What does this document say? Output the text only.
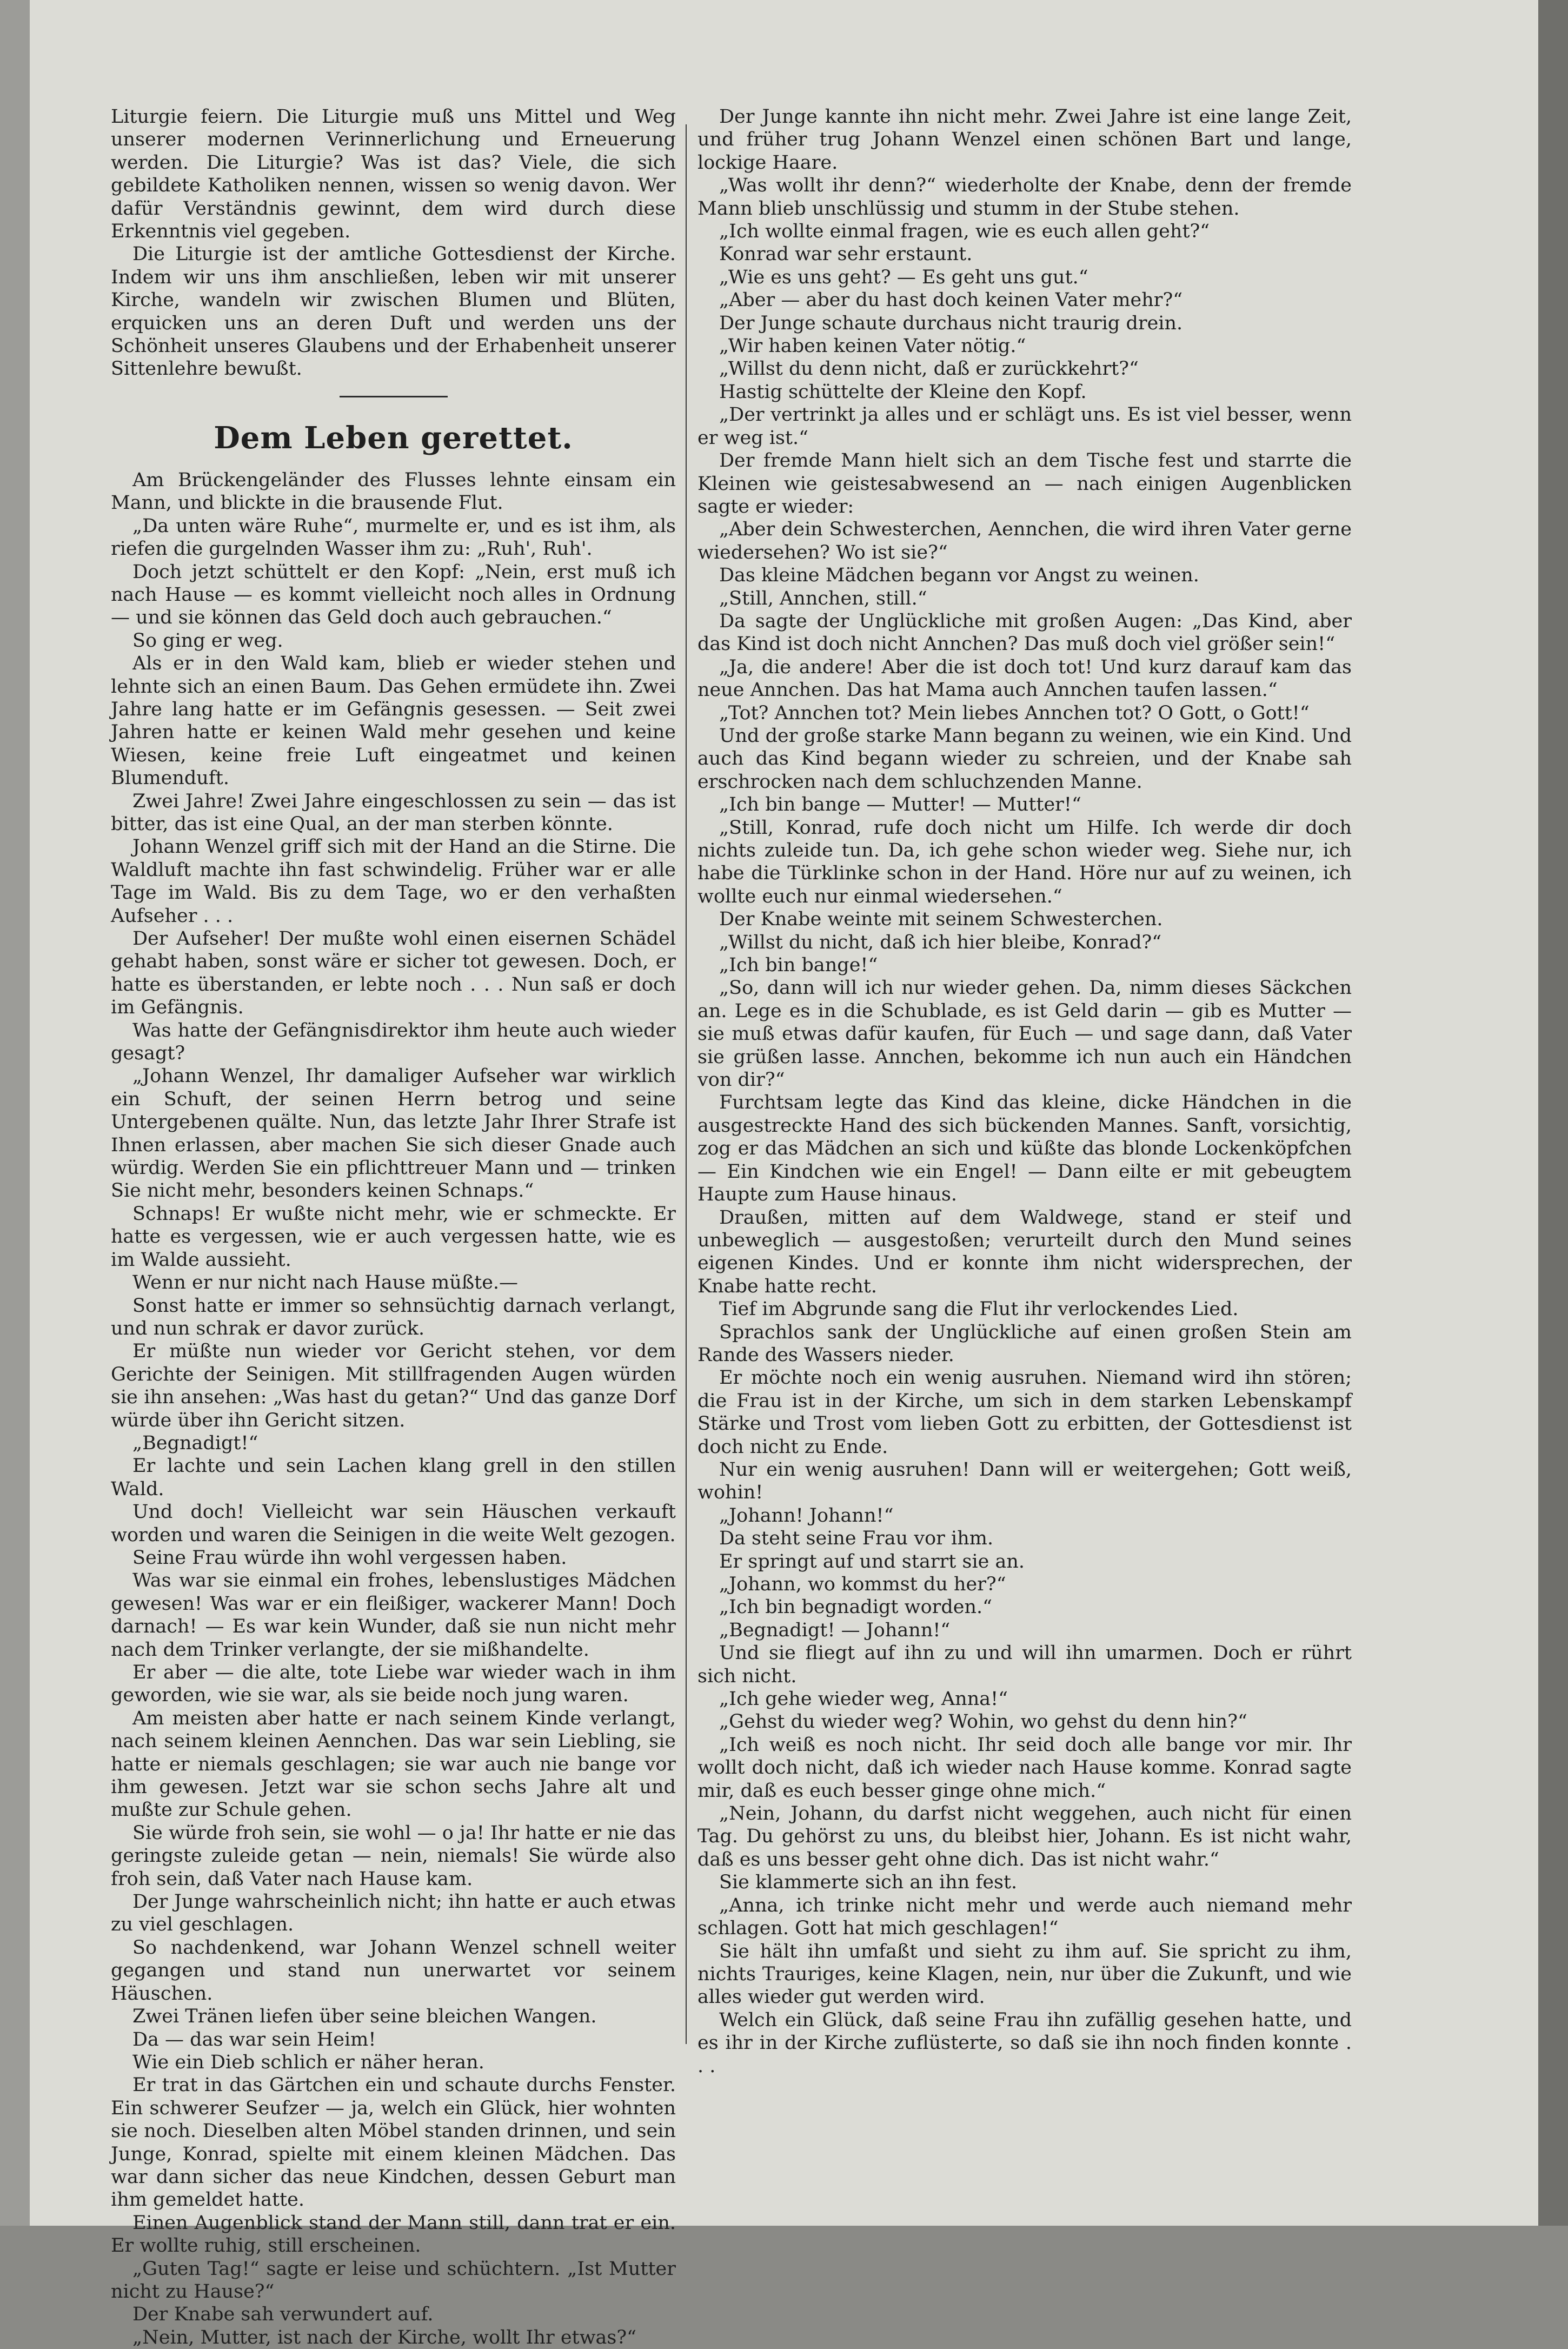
Liturgie feiern. Die Liturgie muß uns Mittel und Weg unserer modernen Verinnerlichung und Erneuerung werden. Die Liturgie? Was ist das? Viele, die sich gebildete Katholiken nennen, wissen so wenig davon. Wer dafür Verständnis gewinnt, dem wird durch diese Erkenntnis viel gegeben.

Die Liturgie ist der amtliche Gottesdienst der Kirche. Indem wir uns ihm anschließen, leben wir mit unserer Kirche, wandeln wir zwischen Blumen und Blüten, erquicken uns an deren Duft und werden uns der Schönheit unseres Glaubens und der Erhabenheit unserer Sittenlehre bewußt.

Dem Leben gerettet.

Am Brückengeländer des Flusses lehnte einsam ein Mann, und blickte in die brausende Flut.

„Da unten wäre Ruhe“, murmelte er, und es ist ihm, als riefen die gurgelnden Wasser ihm zu: „Ruh', Ruh'.

Doch jetzt schüttelt er den Kopf: „Nein, erst muß ich nach Hause — es kommt vielleicht noch alles in Ordnung — und sie können das Geld doch auch gebrauchen.“

So ging er weg.

Als er in den Wald kam, blieb er wieder stehen und lehnte sich an einen Baum. Das Gehen ermüdete ihn. Zwei Jahre lang hatte er im Gefängnis gesessen. — Seit zwei Jahren hatte er keinen Wald mehr gesehen und keine Wiesen, keine freie Luft eingeatmet und keinen Blumenduft.

Zwei Jahre! Zwei Jahre eingeschlossen zu sein — das ist bitter, das ist eine Qual, an der man sterben könnte.

Johann Wenzel griff sich mit der Hand an die Stirne. Die Waldluft machte ihn fast schwindelig. Früher war er alle Tage im Wald. Bis zu dem Tage, wo er den verhaßten Aufseher . . .

Der Aufseher! Der mußte wohl einen eisernen Schädel gehabt haben, sonst wäre er sicher tot gewesen. Doch, er hatte es überstanden, er lebte noch . . . Nun saß er doch im Gefängnis.

Was hatte der Gefängnisdirektor ihm heute auch wieder gesagt?

„Johann Wenzel, Ihr damaliger Aufseher war wirklich ein Schuft, der seinen Herrn betrog und seine Untergebenen quälte. Nun, das letzte Jahr Ihrer Strafe ist Ihnen erlassen, aber machen Sie sich dieser Gnade auch würdig. Werden Sie ein pflichttreuer Mann und — trinken Sie nicht mehr, besonders keinen Schnaps.“

Schnaps! Er wußte nicht mehr, wie er schmeckte. Er hatte es vergessen, wie er auch vergessen hatte, wie es im Walde aussieht.

Wenn er nur nicht nach Hause müßte.—

Sonst hatte er immer so sehnsüchtig darnach verlangt, und nun schrak er davor zurück.

Er müßte nun wieder vor Gericht stehen, vor dem Gerichte der Seinigen. Mit stillfragenden Augen würden sie ihn ansehen: „Was hast du getan?“ Und das ganze Dorf würde über ihn Gericht sitzen.

„Begnadigt!“

Er lachte und sein Lachen klang grell in den stillen Wald.

Und doch! Vielleicht war sein Häuschen verkauft worden und waren die Seinigen in die weite Welt gezogen.

Seine Frau würde ihn wohl vergessen haben.

Was war sie einmal ein frohes, lebenslustiges Mädchen gewesen! Was war er ein fleißiger, wackerer Mann! Doch darnach! — Es war kein Wunder, daß sie nun nicht mehr nach dem Trinker verlangte, der sie mißhandelte.

Er aber — die alte, tote Liebe war wieder wach in ihm geworden, wie sie war, als sie beide noch jung waren.

Am meisten aber hatte er nach seinem Kinde verlangt, nach seinem kleinen Aennchen. Das war sein Liebling, sie hatte er niemals geschlagen; sie war auch nie bange vor ihm gewesen. Jetzt war sie schon sechs Jahre alt und mußte zur Schule gehen.

Sie würde froh sein, sie wohl — o ja! Ihr hatte er nie das geringste zuleide getan — nein, niemals! Sie würde also froh sein, daß Vater nach Hause kam.

Der Junge wahrscheinlich nicht; ihn hatte er auch etwas zu viel geschlagen.

So nachdenkend, war Johann Wenzel schnell weiter gegangen und stand nun unerwartet vor seinem Häuschen.

Zwei Tränen liefen über seine bleichen Wangen.

Da — das war sein Heim!

Wie ein Dieb schlich er näher heran.

Er trat in das Gärtchen ein und schaute durchs Fenster. Ein schwerer Seufzer — ja, welch ein Glück, hier wohnten sie noch. Dieselben alten Möbel standen drinnen, und sein Junge, Konrad, spielte mit einem kleinen Mädchen. Das war dann sicher das neue Kindchen, dessen Geburt man ihm gemeldet hatte.

Einen Augenblick stand der Mann still, dann trat er ein. Er wollte ruhig, still erscheinen.

„Guten Tag!“ sagte er leise und schüchtern. „Ist Mutter nicht zu Hause?“

Der Knabe sah verwundert auf.

„Nein, Mutter, ist nach der Kirche, wollt Ihr etwas?“

Der Junge kannte ihn nicht mehr. Zwei Jahre ist eine lange Zeit, und früher trug Johann Wenzel einen schönen Bart und lange, lockige Haare.

„Was wollt ihr denn?“ wiederholte der Knabe, denn der fremde Mann blieb unschlüssig und stumm in der Stube stehen.

„Ich wollte einmal fragen, wie es euch allen geht?“

Konrad war sehr erstaunt.

„Wie es uns geht? — Es geht uns gut.“

„Aber — aber du hast doch keinen Vater mehr?“

Der Junge schaute durchaus nicht traurig drein.

„Wir haben keinen Vater nötig.“

„Willst du denn nicht, daß er zurückkehrt?“

Hastig schüttelte der Kleine den Kopf.

„Der vertrinkt ja alles und er schlägt uns. Es ist viel besser, wenn er weg ist.“

Der fremde Mann hielt sich an dem Tische fest und starrte die Kleinen wie geistesabwesend an — nach einigen Augenblicken sagte er wieder:

„Aber dein Schwesterchen, Aennchen, die wird ihren Vater gerne wiedersehen? Wo ist sie?“

Das kleine Mädchen begann vor Angst zu weinen.

„Still, Annchen, still.“

Da sagte der Unglückliche mit großen Augen: „Das Kind, aber das Kind ist doch nicht Annchen? Das muß doch viel größer sein!“

„Ja, die andere! Aber die ist doch tot! Und kurz darauf kam das neue Annchen. Das hat Mama auch Annchen taufen lassen.“

„Tot? Annchen tot? Mein liebes Annchen tot? O Gott, o Gott!“

Und der große starke Mann begann zu weinen, wie ein Kind. Und auch das Kind begann wieder zu schreien, und der Knabe sah erschrocken nach dem schluchzenden Manne.

„Ich bin bange — Mutter! — Mutter!“

„Still, Konrad, rufe doch nicht um Hilfe. Ich werde dir doch nichts zuleide tun. Da, ich gehe schon wieder weg. Siehe nur, ich habe die Türklinke schon in der Hand. Höre nur auf zu weinen, ich wollte euch nur einmal wiedersehen.“

Der Knabe weinte mit seinem Schwesterchen.

„Willst du nicht, daß ich hier bleibe, Konrad?“

„Ich bin bange!“

„So, dann will ich nur wieder gehen. Da, nimm dieses Säckchen an. Lege es in die Schublade, es ist Geld darin — gib es Mutter — sie muß etwas dafür kaufen, für Euch — und sage dann, daß Vater sie grüßen lasse. Annchen, bekomme ich nun auch ein Händchen von dir?“

Furchtsam legte das Kind das kleine, dicke Händchen in die ausgestreckte Hand des sich bückenden Mannes. Sanft, vorsichtig, zog er das Mädchen an sich und küßte das blonde Lockenköpfchen — Ein Kindchen wie ein Engel! — Dann eilte er mit gebeugtem Haupte zum Hause hinaus.

Draußen, mitten auf dem Waldwege, stand er steif und unbeweglich — ausgestoßen; verurteilt durch den Mund seines eigenen Kindes. Und er konnte ihm nicht widersprechen, der Knabe hatte recht.

Tief im Abgrunde sang die Flut ihr verlockendes Lied.

Sprachlos sank der Unglückliche auf einen großen Stein am Rande des Wassers nieder.

Er möchte noch ein wenig ausruhen. Niemand wird ihn stören; die Frau ist in der Kirche, um sich in dem starken Lebenskampf Stärke und Trost vom lieben Gott zu erbitten, der Gottesdienst ist doch nicht zu Ende.

Nur ein wenig ausruhen! Dann will er weitergehen; Gott weiß, wohin!

„Johann! Johann!“

Da steht seine Frau vor ihm.

Er springt auf und starrt sie an.

„Johann, wo kommst du her?“

„Ich bin begnadigt worden.“

„Begnadigt! — Johann!“

Und sie fliegt auf ihn zu und will ihn umarmen. Doch er rührt sich nicht.

„Ich gehe wieder weg, Anna!“

„Gehst du wieder weg? Wohin, wo gehst du denn hin?“

„Ich weiß es noch nicht. Ihr seid doch alle bange vor mir. Ihr wollt doch nicht, daß ich wieder nach Hause komme. Konrad sagte mir, daß es euch besser ginge ohne mich.“

„Nein, Johann, du darfst nicht weggehen, auch nicht für einen Tag. Du gehörst zu uns, du bleibst hier, Johann. Es ist nicht wahr, daß es uns besser geht ohne dich. Das ist nicht wahr.“

Sie klammerte sich an ihn fest.

„Anna, ich trinke nicht mehr und werde auch niemand mehr schlagen. Gott hat mich geschlagen!“

Sie hält ihn umfaßt und sieht zu ihm auf. Sie spricht zu ihm, nichts Trauriges, keine Klagen, nein, nur über die Zukunft, und wie alles wieder gut werden wird.

Welch ein Glück, daß seine Frau ihn zufällig gesehen hatte, und es ihr in der Kirche zuflüsterte, so daß sie ihn noch finden konnte . . .
